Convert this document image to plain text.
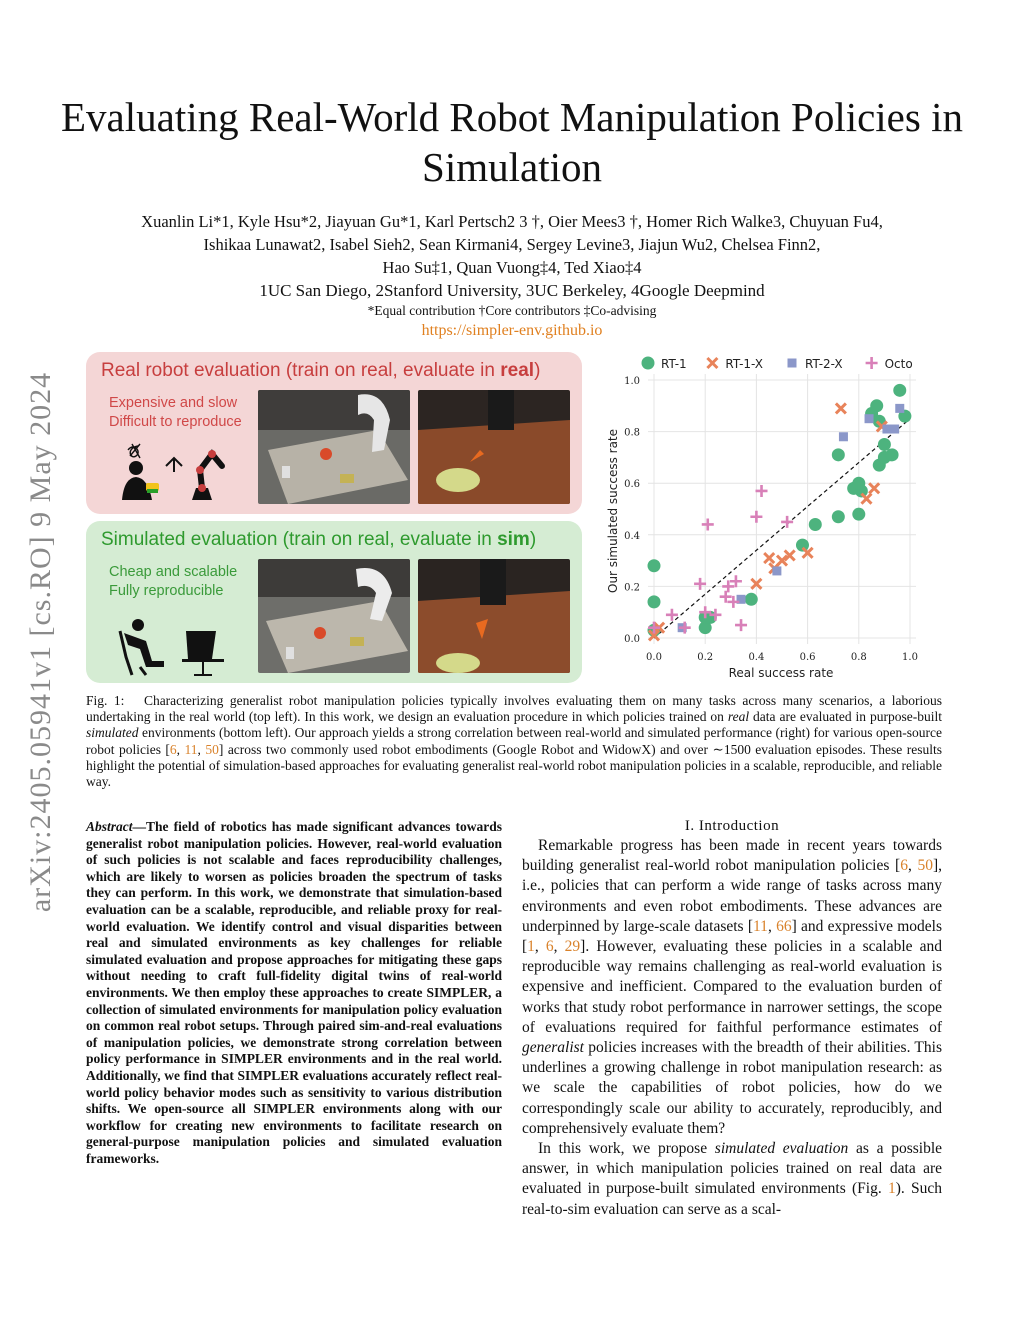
Evaluating Real-World Robot Manipulation Policies in Simulation
Xuanlin Li*1, Kyle Hsu*2, Jiayuan Gu*1, Karl Pertsch2 3 †, Oier Mees3 †, Homer Rich Walke3, Chuyuan Fu4,
Ishikaa Lunawat2, Isabel Sieh2, Sean Kirmani4, Sergey Levine3, Jiajun Wu2, Chelsea Finn2,
Hao Su‡1, Quan Vuong‡4, Ted Xiao‡4
1UC San Diego, 2Stanford University, 3UC Berkeley, 4Google Deepmind
*Equal contribution †Core contributors ‡Co-advising
https://simpler-env.github.io
arXiv:2405.05941v1 [cs.RO] 9 May 2024
Real robot evaluation (train on real, evaluate in real)
Expensive and slow
Difficult to reproduce
Simulated evaluation (train on real, evaluate in sim)
Cheap and scalable
Fully reproducible
0.0	0.2	0.4	0.6	0.8	1.0
0.0
0.2
0.4
0.6
0.8
1.0
RT-1	RT-1-X	RT-2-X	Octo
Real success rate
Our simulated success rate
Fig. 1: Characterizing generalist robot manipulation policies typically involves evaluating them on many tasks across many scenarios, a laborious undertaking in the real world (top left). In this work, we design an evaluation procedure in which policies trained on real data are evaluated in purpose-built simulated environments (bottom left). Our approach yields a strong correlation between real-world and simulated performance (right) for various open-source robot policies [6, 11, 50] across two commonly used robot embodiments (Google Robot and WidowX) and over ∼1500 evaluation episodes. These results highlight the potential of simulation-based approaches for evaluating generalist real-world robot manipulation policies in a scalable, reproducible, and reliable way.
Abstract—The field of robotics has made significant advances towards generalist robot manipulation policies. However, real-world evaluation of such policies is not scalable and faces reproducibility challenges, which are likely to worsen as policies broaden the spectrum of tasks they can perform. In this work, we demonstrate that simulation-based evaluation can be a scalable, reproducible, and reliable proxy for real-world evaluation. We identify control and visual disparities between real and simulated environments as key challenges for reliable simulated evaluation and propose approaches for mitigating these gaps without needing to craft full-fidelity digital twins of real-world environments. We then employ these approaches to create SIMPLER, a collection of simulated environments for manipulation policy evaluation on common real robot setups. Through paired sim-and-real evaluations of manipulation policies, we demonstrate strong correlation between policy performance in SIMPLER environments and in the real world. Additionally, we find that SIMPLER evaluations accurately reflect real-world policy behavior modes such as sensitivity to various distribution shifts. We open-source all SIMPLER environments along with our workflow for creating new environments to facilitate research on general-purpose manipulation policies and simulated evaluation frameworks.
I. Introduction

Remarkable progress has been made in recent years towards building generalist real-world robot manipulation policies [6, 50], i.e., policies that can perform a wide range of tasks across many environments and even robot embodiments. These advances are underpinned by large-scale datasets [11, 66] and expressive models [1, 6, 29]. However, evaluating these policies in a scalable and reproducible way remains challenging as real-world evaluation is expensive and inefficient. Compared to the evaluation burden of works that study robot performance in narrower settings, the scope of evaluations required for faithful performance estimates of generalist policies increases with the breadth of their abilities. This underlines a growing challenge in robot manipulation research: as we scale the capabilities of robot policies, how do we correspondingly scale our ability to accurately, reproducibly, and comprehensively evaluate them?

In this work, we propose simulated evaluation as a possible answer, in which manipulation policies trained on real data are evaluated in purpose-built simulated environments (Fig. 1). Such real-to-sim evaluation can serve as a scal-
